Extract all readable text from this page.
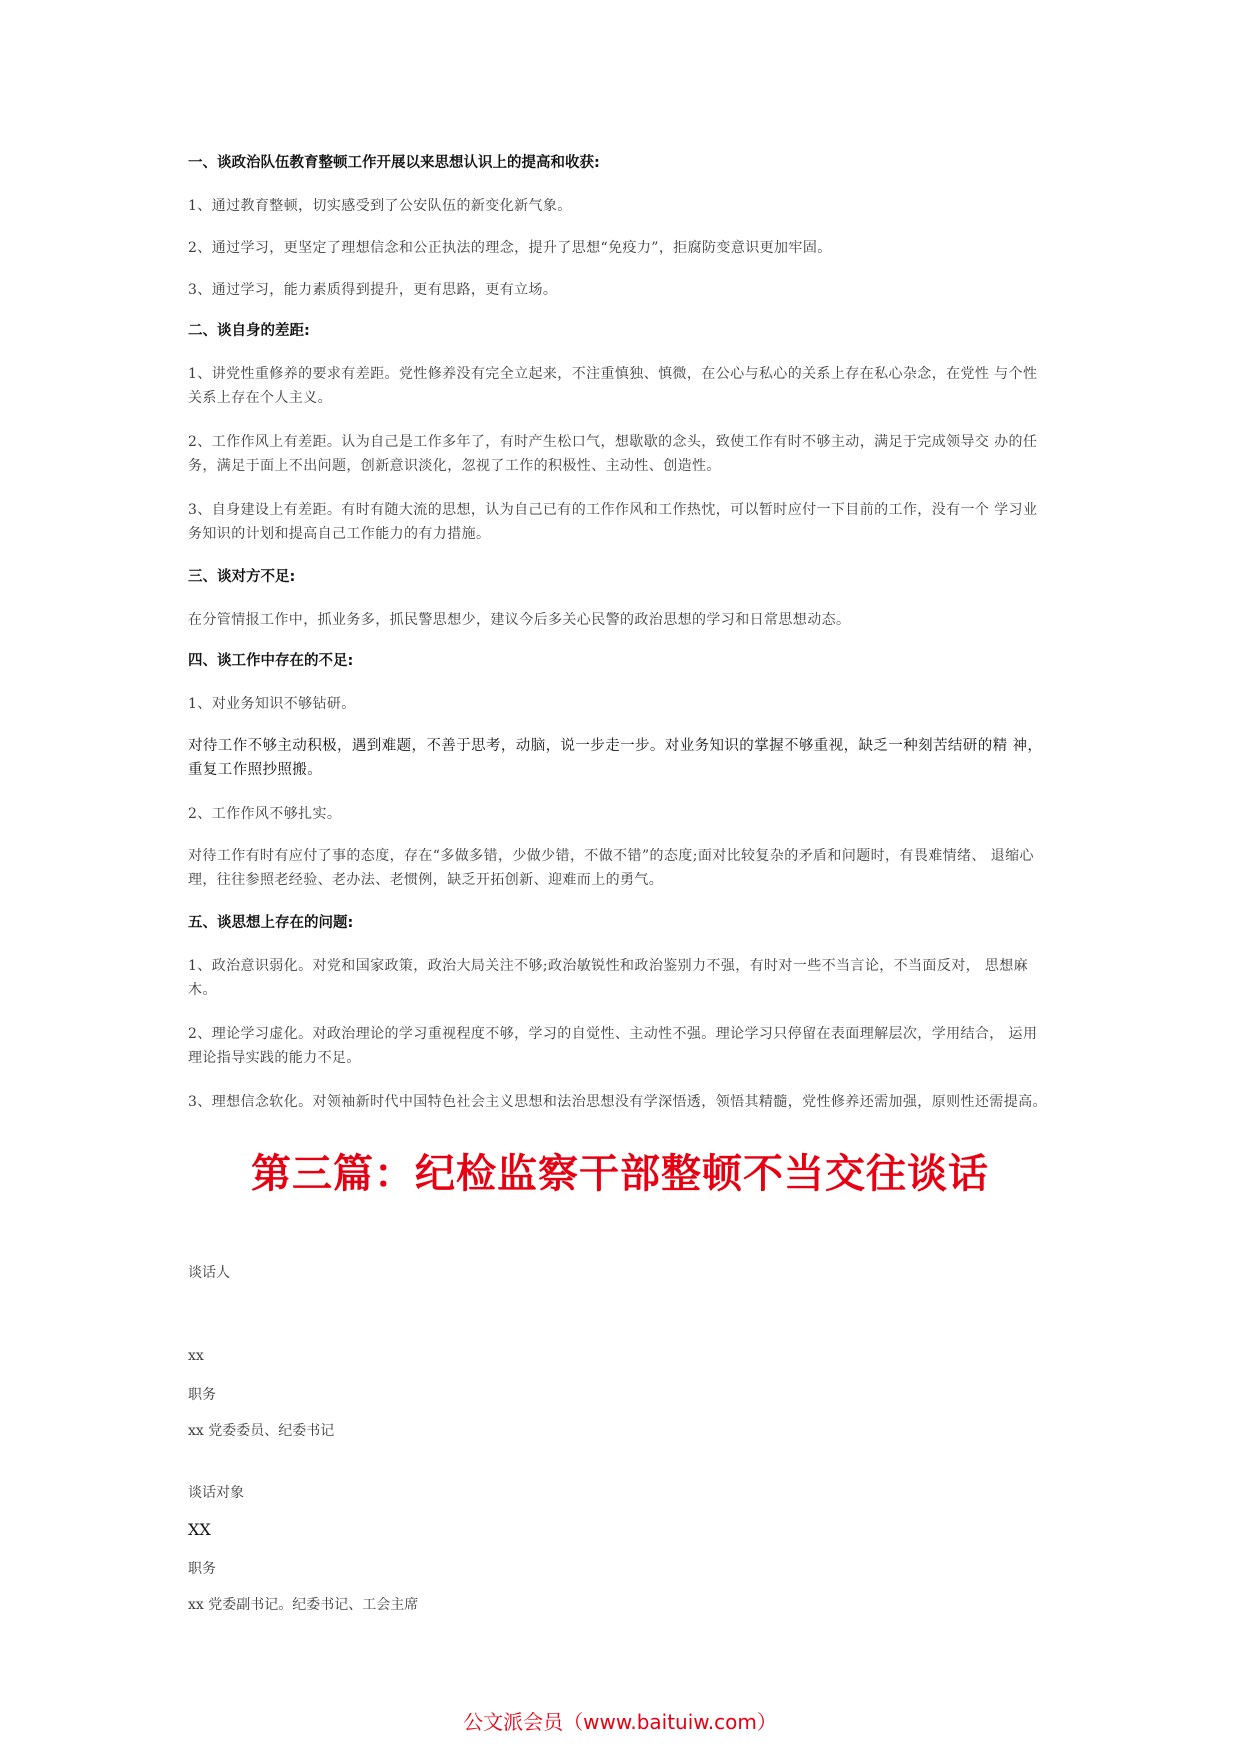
一、谈政治队伍教育整顿工作开展以来思想认识上的提高和收获:
1、通过教育整顿，切实感受到了公安队伍的新变化新气象。
2、通过学习，更坚定了理想信念和公正执法的理念，提升了思想“免疫力”，拒腐防变意识更加牢固。
3、通过学习，能力素质得到提升，更有思路，更有立场。
二、谈自身的差距:
1、讲党性重修养的要求有差距。党性修养没有完全立起来，不注重慎独、慎微，在公心与私心的关系上存在私心杂念，在党性 与个性关系上存在个人主义。
2、工作作风上有差距。认为自己是工作多年了，有时产生松口气，想歇歇的念头，致使工作有时不够主动，满足于完成领导交 办的任务，满足于面上不出问题，创新意识淡化，忽视了工作的积极性、主动性、创造性。
3、自身建设上有差距。有时有随大流的思想，认为自己已有的工作作风和工作热忱，可以暂时应付一下目前的工作，没有一个 学习业务知识的计划和提高自己工作能力的有力措施。
三、谈对方不足:
在分管情报工作中，抓业务多，抓民警思想少，建议今后多关心民警的政治思想的学习和日常思想动态。
四、谈工作中存在的不足:
1、对业务知识不够钻研。
对待工作不够主动积极，遇到难题，不善于思考，动脑，说一步走一步。对业务知识的掌握不够重视，缺乏一种刻苦结研的精 神，重复工作照抄照搬。
2、工作作风不够扎实。
对待工作有时有应付了事的态度，存在“多做多错，少做少错，不做不错”的态度;面对比较复杂的矛盾和问题时，有畏难情绪、 退缩心理，往往参照老经验、老办法、老惯例，缺乏开拓创新、迎难而上的勇气。
五、谈思想上存在的问题:
1、政治意识弱化。对党和国家政策，政治大局关注不够;政治敏锐性和政治鉴别力不强，有时对一些不当言论，不当面反对， 思想麻木。
2、理论学习虚化。对政治理论的学习重视程度不够，学习的自觉性、主动性不强。理论学习只停留在表面理解层次，学用结合， 运用理论指导实践的能力不足。
3、理想信念软化。对领袖新时代中国特色社会主义思想和法治思想没有学深悟透，领悟其精髓，党性修养还需加强，原则性还需提高。
第三篇：纪检监察干部整顿不当交往谈话
谈话人
xx
职务
xx 党委委员、纪委书记
谈话对象
XX
职务
xx 党委副书记。纪委书记、工会主席
公文派会员（www.baituiw.com）
